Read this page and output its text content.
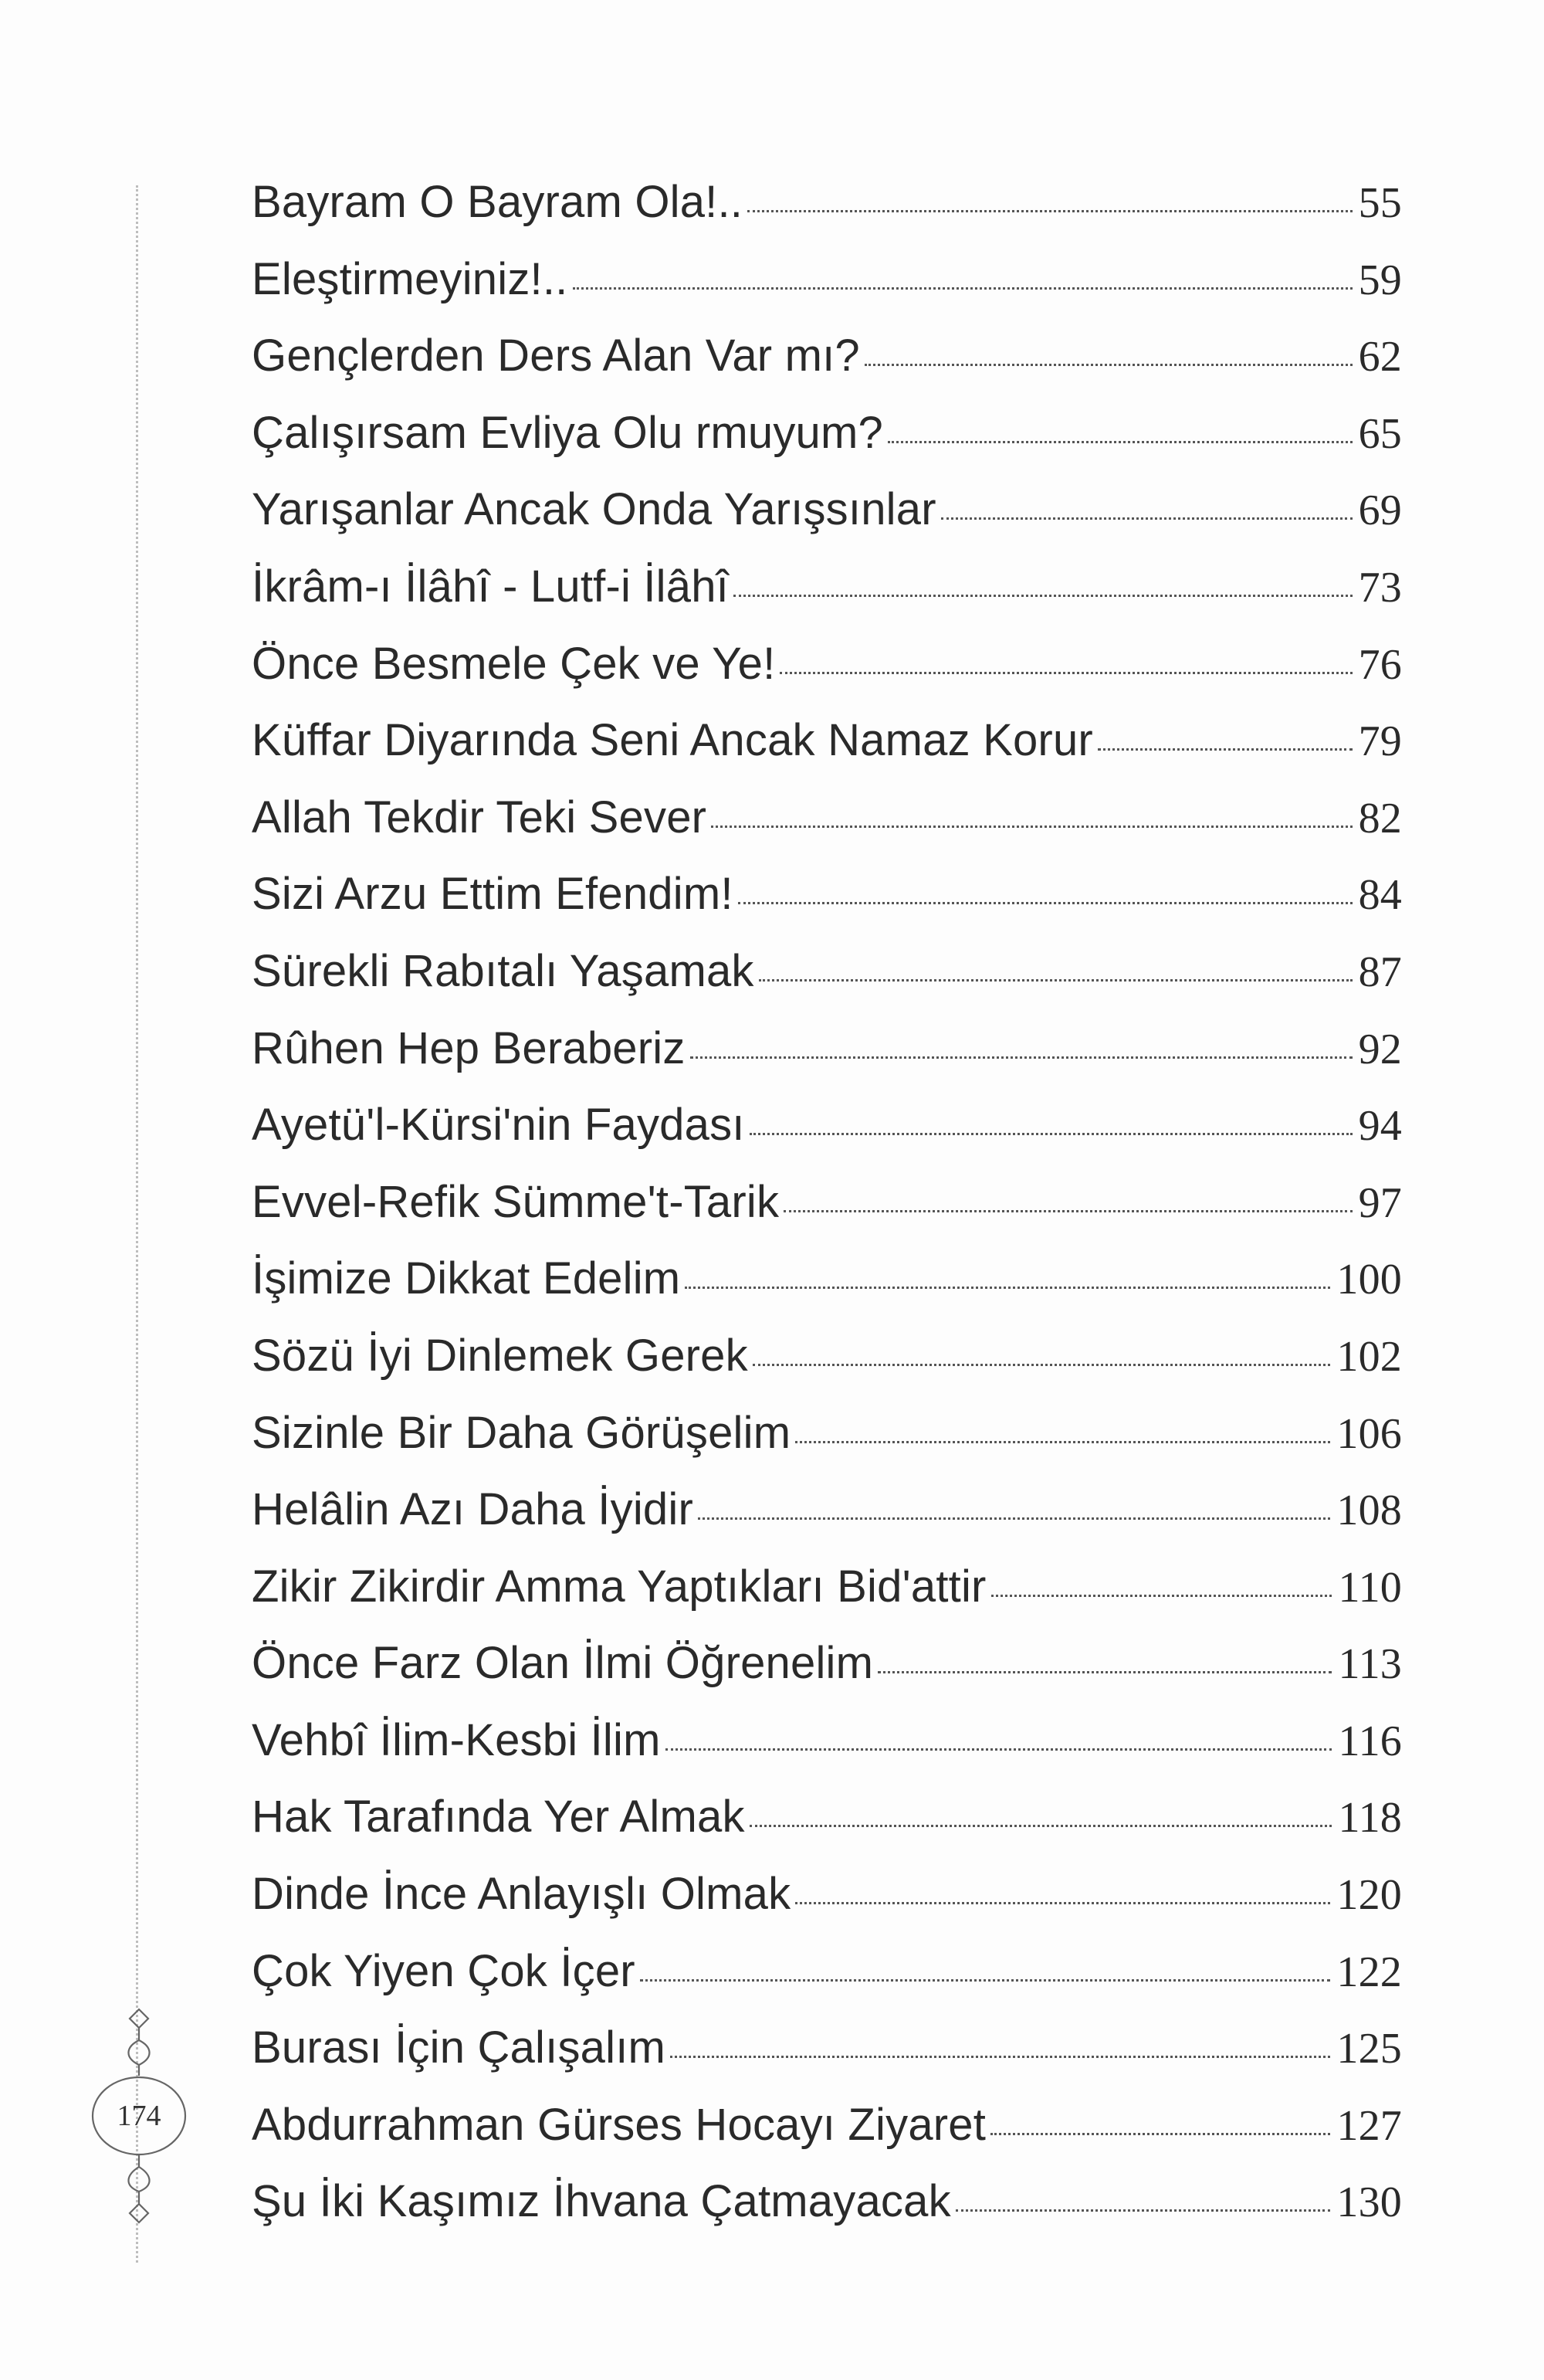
174
Bayram O Bayram Ola!..	55
Eleştirmeyiniz!..	59
Gençlerden Ders Alan Var mı?	62
Çalışırsam Evliya Olu rmuyum?	65
Yarışanlar Ancak Onda Yarışsınlar	69
İkrâm-ı İlâhî - Lutf-i İlâhî	73
Önce Besmele Çek ve Ye!	76
Küffar Diyarında Seni Ancak Namaz Korur	79
Allah Tekdir Teki Sever	82
Sizi Arzu Ettim Efendim!	84
Sürekli Rabıtalı Yaşamak	87
Rûhen Hep Beraberiz	92
Ayetü'l-Kürsi'nin Faydası	94
Evvel-Refik Sümme't-Tarik	97
İşimize Dikkat Edelim	100
Sözü İyi Dinlemek Gerek	102
Sizinle Bir Daha Görüşelim	106
Helâlin Azı Daha İyidir	108
Zikir Zikirdir Amma Yaptıkları Bid'attir	110
Önce Farz Olan İlmi Öğrenelim	113
Vehbî İlim-Kesbi İlim	116
Hak Tarafında Yer Almak	118
Dinde İnce Anlayışlı Olmak	120
Çok Yiyen Çok İçer	122
Burası İçin Çalışalım	125
Abdurrahman Gürses Hocayı Ziyaret	127
Şu İki Kaşımız İhvana Çatmayacak	130
